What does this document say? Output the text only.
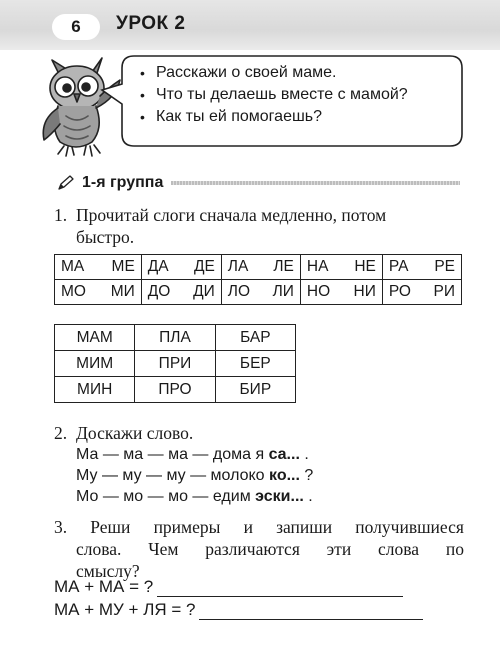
6	УРОК 2
• Расскажи о своей маме.
• Что ты делаешь вместе с мамой?
• Как ты ей помогаешь?
1-я группа
1. Прочитай слоги сначала медленно, потом
быстро.
МА МЕ	ДА ДЕ	ЛА ЛЕ	НА НЕ	РА РЕ

МО МИ	ДО ДИ	ЛО ЛИ	НО НИ	РО РИ
МАМ	ПЛА	БАР
МИМ	ПРИ	БЕР
МИН	ПРО	БИР
2. Доскажи слово.
Ма — ма — ма — дома я са... .
Му — му — му — молоко ко... ?
Мо — мо — мо — едим эски... .
3. Реши примеры и запиши получившиеся
слова. Чем различаются эти слова по
смыслу?
МА + МА = ?
МА + МУ + ЛЯ = ?
